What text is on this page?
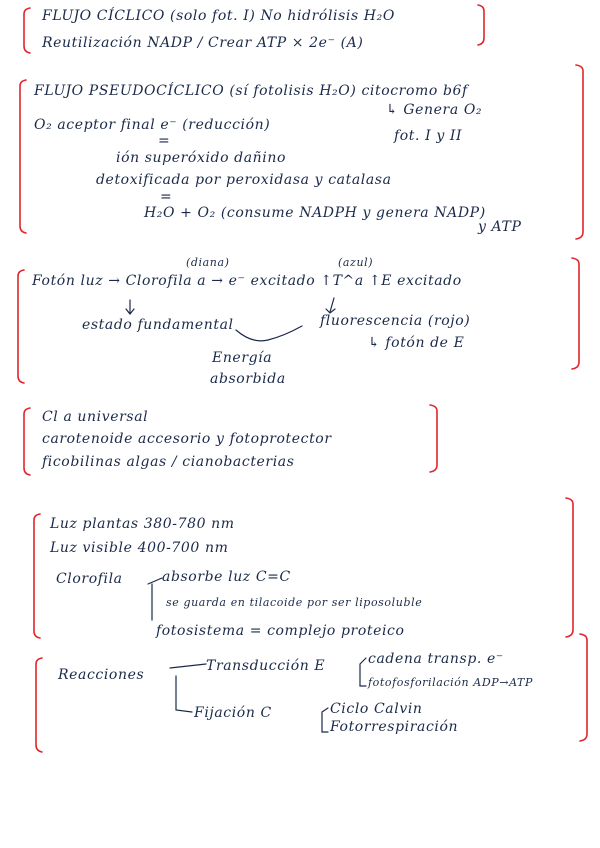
FLUJO CÍCLICO (solo fot. I) No hidrólisis H₂O
Reutilización NADP / Crear ATP × 2e⁻ (A)
FLUJO PSEUDOCÍCLICO (sí fotolisis H₂O) citocromo b6f
↳ Genera O₂
O₂ aceptor final e⁻ (reducción)
fot. I y II
=
ión superóxido dañino
detoxificada por peroxidasa y catalasa
=
H₂O + O₂ (consume NADPH y genera NADP)
y ATP
(diana)	(azul)
Fotón luz → Clorofila a → e⁻ excitado ↑T^a ↑E excitado
estado fundamental	fluorescencia (rojo)
↳ fotón de E
Energía
absorbida
Cl a universal
carotenoide accesorio y fotoprotector
ficobilinas algas / cianobacterias
Luz plantas 380-780 nm
Luz visible 400-700 nm
Clorofila	absorbe luz C=C
se guarda en tilacoide por ser liposoluble
fotosistema = complejo proteico
Reacciones
Transducción E	cadena transp. e⁻
fotofosforilación ADP→ATP
Fijación C	Ciclo Calvin
Fotorrespiración
